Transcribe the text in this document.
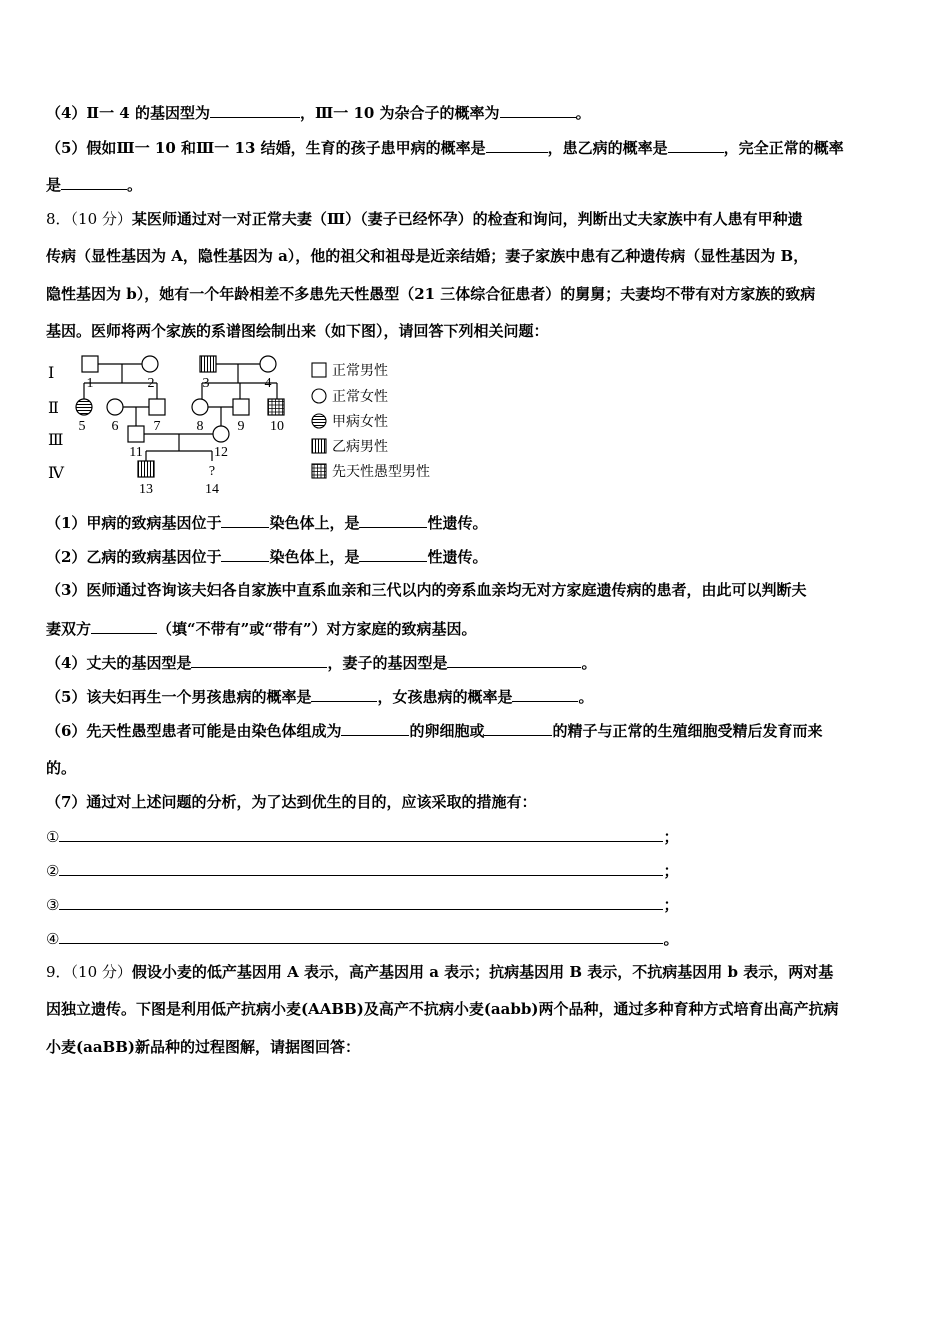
（4）Ⅱ一 4 的基因型为	，Ⅲ一 10 为杂合子的概率为	。
（5）假如Ⅲ一 10 和Ⅲ一 13 结婚，生育的孩子患甲病的概率是	，患乙病的概率是	，完全正常的概率
是	。
8．（10 分）某医师通过对一对正常夫妻（Ⅲ）（妻子已经怀孕）的检查和询问，判断出丈夫家族中有人患有甲种遗
传病（显性基因为 A，隐性基因为 a），他的祖父和祖母是近亲结婚；妻子家族中患有乙种遗传病（显性基因为 B，
隐性基因为 b），她有一个年龄相差不多患先天性愚型（21 三体综合征患者）的舅舅；夫妻均不带有对方家族的致病
基因。医师将两个家族的系谱图绘制出来（如下图），请回答下列相关问题：
Ⅰ
Ⅱ
Ⅲ
Ⅳ
1	2	3	4
5 6	7	8 9 10
11	12
13
?
14
正常男性
正常女性
甲病女性
乙病男性
先天性愚型男性
（1）甲病的致病基因位于	染色体上，是	性遗传。
（2）乙病的致病基因位于	染色体上，是	性遗传。
（3）医师通过咨询该夫妇各自家族中直系血亲和三代以内的旁系血亲均无对方家庭遗传病的患者，由此可以判断夫
妻双方	（填“不带有”或“带有”）对方家庭的致病基因。
（4）丈夫的基因型是	，妻子的基因型是	。
（5）该夫妇再生一个男孩患病的概率是	，女孩患病的概率是	。
（6）先天性愚型患者可能是由染色体组成为	的卵细胞或	的精子与正常的生殖细胞受精后发育而来
的。
（7）通过对上述问题的分析，为了达到优生的目的，应该采取的措施有：
①	；
②	；
③	；
④	。
9．（10 分）假设小麦的低产基因用 A 表示，高产基因用 a 表示；抗病基因用 B 表示，不抗病基因用 b 表示，两对基
因独立遗传。下图是利用低产抗病小麦(AABB)及高产不抗病小麦(aabb)两个品种，通过多种育种方式培育出高产抗病
小麦(aaBB)新品种的过程图解，请据图回答：
